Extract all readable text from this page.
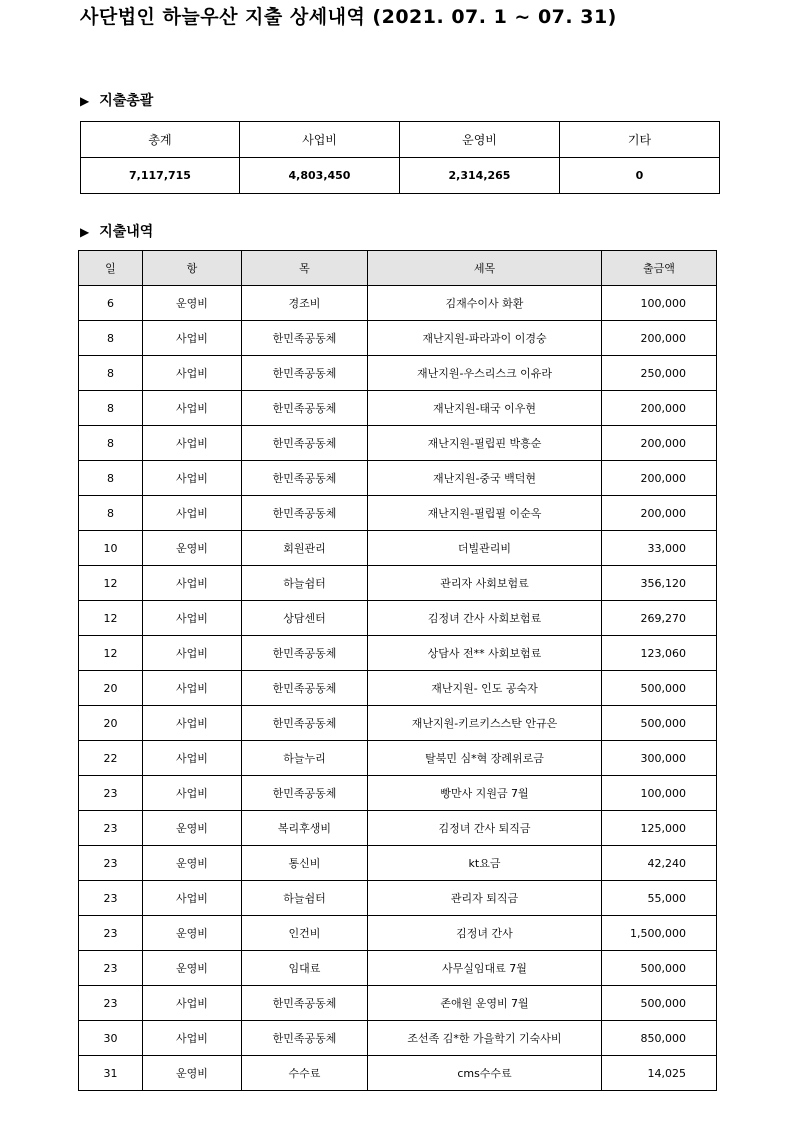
사단법인 하늘우산 지출 상세내역 (2021. 07. 1 ~ 07. 31)
▶ 지출총괄
총계	사업비	운영비	기타
7,117,715	4,803,450	2,314,265	0
▶ 지출내역
일	항	목	세목	출금액
6	운영비	경조비	김재수이사 화환	100,000
8	사업비	한민족공동체	재난지원-파라과이 이경숭	200,000
8	사업비	한민족공동체	재난지원-우스리스크 이유라	250,000
8	사업비	한민족공동체	재난지원-태국 이우현	200,000
8	사업비	한민족공동체	재난지원-필립핀 박흥순	200,000
8	사업비	한민족공동체	재난지원-중국 백덕현	200,000
8	사업비	한민족공동체	재난지원-필립필 이순옥	200,000
10	운영비	회원관리	더빌관리비	33,000
12	사업비	하늘쉼터	관리자 사회보험료	356,120
12	사업비	상담센터	김정녀 간사 사회보험료	269,270
12	사업비	한민족공동체	상담사 전** 사회보험료	123,060
20	사업비	한민족공동체	재난지원- 인도 공숙자	500,000
20	사업비	한민족공동체	재난지원-키르키스스탄 안규은	500,000
22	사업비	하늘누리	탈북민 심*혁 장례위로금	300,000
23	사업비	한민족공동체	빵만사 지원금 7월	100,000
23	운영비	복리후생비	김정녀 간사 퇴직금	125,000
23	운영비	통신비	kt요금	42,240
23	사업비	하늘쉼터	관리자 퇴직금	55,000
23	운영비	인건비	김정녀 간사	1,500,000
23	운영비	임대료	사무실임대료 7월	500,000
23	사업비	한민족공동체	존애원 운영비 7월	500,000
30	사업비	한민족공동체	조선족 김*한 가을학기 기숙사비	850,000
31	운영비	수수료	cms수수료	14,025
